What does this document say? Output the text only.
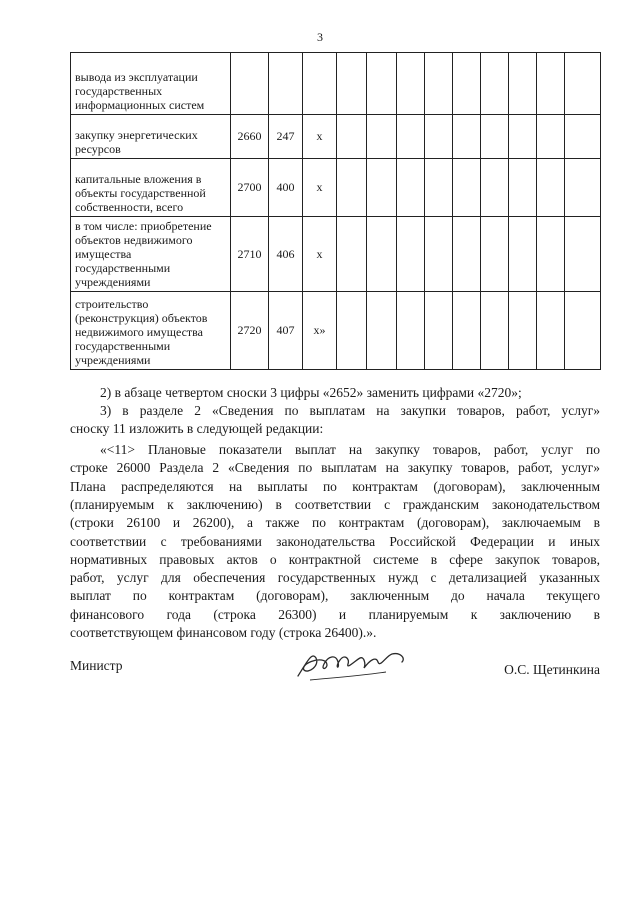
3
вывода из эксплуатации государственных информационных систем												
закупку энергетических ресурсов	2660	247	х									
капитальные вложения в объекты государственной собственности, всего	2700	400	х									
в том числе: приобретение объектов недвижимого имущества государственными учреждениями	2710	406	х									
строительство (реконструкция) объектов недвижимого имущества государственными учреждениями	2720	407	х»									

2) в абзаце четвертом сноски 3 цифры «2652» заменить цифрами «2720»;

3) в разделе 2 «Сведения по выплатам на закупки товаров, работ, услуг»

сноску 11 изложить в следующей редакции:

«<11> Плановые показатели выплат на закупку товаров, работ, услуг по

строке 26000 Раздела 2 «Сведения по выплатам на закупку товаров, работ, услуг»

Плана распределяются на выплаты по контрактам (договорам), заключенным

(планируемым к заключению) в соответствии с гражданским законодательством

(строки 26100 и 26200), а также по контрактам (договорам), заключаемым в

соответствии с требованиями законодательства Российской Федерации и иных

нормативных правовых актов о контрактной системе в сфере закупок товаров,

работ, услуг для обеспечения государственных нужд с детализацией указанных

выплат по контрактам (договорам), заключенным до начала текущего

финансового года (строка 26300) и планируемым к заключению в

соответствующем финансовом году (строка 26400).».

Министр	О.С. Щетинкина
